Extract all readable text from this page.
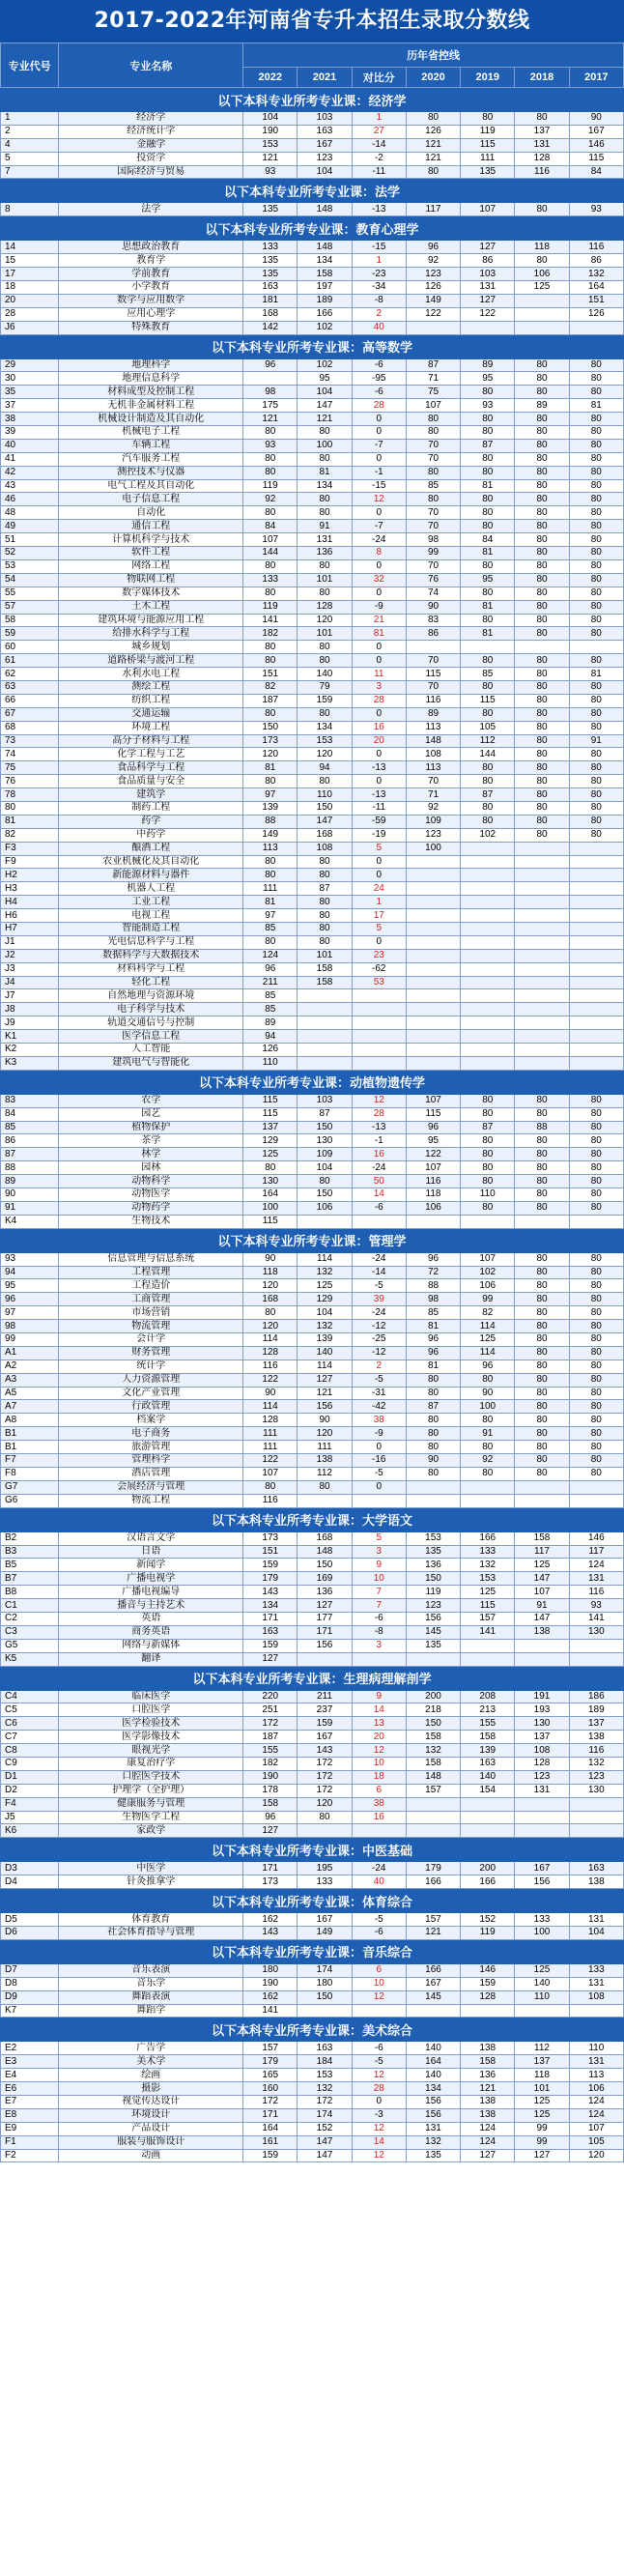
2017-2022年河南省专升本招生录取分数线
专业代号	专业名称	历年省控线						
		2022	2021	对比分	2020	2019	2018	2017
以下本科专业所考专业课：经济学								
1	经济学	104	103	1	80	80	80	90
2	经济统计学	190	163	27	126	119	137	167
4	金融学	153	167	-14	121	115	131	146
5	投资学	121	123	-2	121	111	128	115
7	国际经济与贸易	93	104	-11	80	135	116	84
以下本科专业所考专业课：法学								
8	法学	135	148	-13	117	107	80	93
以下本科专业所考专业课：教育心理学								
14	思想政治教育	133	148	-15	96	127	118	116
15	教育学	135	134	1	92	86	80	86
17	学前教育	135	158	-23	123	103	106	132
18	小学教育	163	197	-34	126	131	125	164
20	数学与应用数学	181	189	-8	149	127		151
28	应用心理学	168	166	2	122	122		126
J6	特殊教育	142	102	40				
以下本科专业所考专业课：高等数学								
29	地理科学	96	102	-6	87	89	80	80
30	地理信息科学		95	-95	71	95	80	80
35	材料成型及控制工程	98	104	-6	75	80	80	80
37	无机非金属材料工程	175	147	28	107	93	89	81
38	机械设计制造及其自动化	121	121	0	80	80	80	80
39	机械电子工程	80	80	0	80	80	80	80
40	车辆工程	93	100	-7	70	87	80	80
41	汽车服务工程	80	80	0	70	80	80	80
42	测控技术与仪器	80	81	-1	80	80	80	80
43	电气工程及其自动化	119	134	-15	85	81	80	80
46	电子信息工程	92	80	12	80	80	80	80
48	自动化	80	80	0	70	80	80	80
49	通信工程	84	91	-7	70	80	80	80
51	计算机科学与技术	107	131	-24	98	84	80	80
52	软件工程	144	136	8	99	81	80	80
53	网络工程	80	80	0	70	80	80	80
54	物联网工程	133	101	32	76	95	80	80
55	数字媒体技术	80	80	0	74	80	80	80
57	土木工程	119	128	-9	90	81	80	80
58	建筑环境与能源应用工程	141	120	21	83	80	80	80
59	给排水科学与工程	182	101	81	86	81	80	80
60	城乡规划	80	80	0				
61	道路桥梁与渡河工程	80	80	0	70	80	80	80
62	水利水电工程	151	140	11	115	85	80	81
63	测绘工程	82	79	3	70	80	80	80
66	纺织工程	187	159	28	116	115	80	80
67	交通运输	80	80	0	89	80	80	80
68	环境工程	150	134	16	113	105	80	80
73	高分子材料与工程	173	153	20	148	112	80	91
74	化学工程与工艺	120	120	0	108	144	80	80
75	食品科学与工程	81	94	-13	113	80	80	80
76	食品质量与安全	80	80	0	70	80	80	80
78	建筑学	97	110	-13	71	87	80	80
80	制药工程	139	150	-11	92	80	80	80
81	药学	88	147	-59	109	80	80	80
82	中药学	149	168	-19	123	102	80	80
F3	酿酒工程	113	108	5	100			
F9	农业机械化及其自动化	80	80	0				
H2	新能源材料与器件	80	80	0				
H3	机器人工程	111	87	24				
H4	工业工程	81	80	1				
H6	电视工程	97	80	17				
H7	智能制造工程	85	80	5				
J1	光电信息科学与工程	80	80	0				
J2	数据科学与大数据技术	124	101	23				
J3	材料科学与工程	96	158	-62				
J4	轻化工程	211	158	53				
J7	自然地理与资源环境	85						
J8	电子科学与技术	85						
J9	轨道交通信号与控制	89						
K1	医学信息工程	94						
K2	人工智能	126						
K3	建筑电气与智能化	110						
以下本科专业所考专业课：动植物遗传学								
83	农学	115	103	12	107	80	80	80
84	园艺	115	87	28	115	80	80	80
85	植物保护	137	150	-13	96	87	88	80
86	茶学	129	130	-1	95	80	80	80
87	林学	125	109	16	122	80	80	80
88	园林	80	104	-24	107	80	80	80
89	动物科学	130	80	50	116	80	80	80
90	动物医学	164	150	14	118	110	80	80
91	动物药学	100	106	-6	106	80	80	80
K4	生物技术	115						
以下本科专业所考专业课：管理学								
93	信息管理与信息系统	90	114	-24	96	107	80	80
94	工程管理	118	132	-14	72	102	80	80
95	工程造价	120	125	-5	88	106	80	80
96	工商管理	168	129	39	98	99	80	80
97	市场营销	80	104	-24	85	82	80	80
98	物流管理	120	132	-12	81	114	80	80
99	会计学	114	139	-25	96	125	80	80
A1	财务管理	128	140	-12	96	114	80	80
A2	统计学	116	114	2	81	96	80	80
A3	人力资源管理	122	127	-5	80	80	80	80
A5	文化产业管理	90	121	-31	80	90	80	80
A7	行政管理	114	156	-42	87	100	80	80
A8	档案学	128	90	38	80	80	80	80
B1	电子商务	111	120	-9	80	91	80	80
B1	旅游管理	111	111	0	80	80	80	80
F7	管理科学	122	138	-16	90	92	80	80
F8	酒店管理	107	112	-5	80	80	80	80
G7	会展经济与管理	80	80	0				
G6	物流工程	116						
以下本科专业所考专业课：大学语文								
B2	汉语言文学	173	168	5	153	166	158	146
B3	日语	151	148	3	135	133	117	117
B5	新闻学	159	150	9	136	132	125	124
B7	广播电视学	179	169	10	150	153	147	131
B8	广播电视编导	143	136	7	119	125	107	116
C1	播音与主持艺术	134	127	7	123	115	91	93
C2	英语	171	177	-6	156	157	147	141
C3	商务英语	163	171	-8	145	141	138	130
G5	网络与新媒体	159	156	3	135			
K5	翻译	127						
以下本科专业所考专业课：生理病理解剖学								
C4	临床医学	220	211	9	200	208	191	186
C5	口腔医学	251	237	14	218	213	193	189
C6	医学检验技术	172	159	13	150	155	130	137
C7	医学影像技术	187	167	20	158	158	137	138
C8	眼视光学	155	143	12	132	139	108	116
C9	康复治疗学	182	172	10	158	163	128	132
D1	口腔医学技术	190	172	18	148	140	123	123
D2	护理学（全护理）	178	172	6	157	154	131	130
F4	健康服务与管理	158	120	38				
J5	生物医学工程	96	80	16				
K6	家政学	127						
以下本科专业所考专业课：中医基础								
D3	中医学	171	195	-24	179	200	167	163
D4	针灸推拿学	173	133	40	166	166	156	138
以下本科专业所考专业课：体育综合								
D5	体育教育	162	167	-5	157	152	133	131
D6	社会体育指导与管理	143	149	-6	121	119	100	104
以下本科专业所考专业课：音乐综合								
D7	音乐表演	180	174	6	166	146	125	133
D8	音乐学	190	180	10	167	159	140	131
D9	舞蹈表演	162	150	12	145	128	110	108
K7	舞蹈学	141						
以下本科专业所考专业课：美术综合								
E2	广告学	157	163	-6	140	138	112	110
E3	美术学	179	184	-5	164	158	137	131
E4	绘画	165	153	12	140	136	118	113
E6	摄影	160	132	28	134	121	101	106
E7	视觉传达设计	172	172	0	156	138	125	124
E8	环境设计	171	174	-3	156	138	125	124
E9	产品设计	164	152	12	131	124	99	107
F1	服装与服饰设计	161	147	14	132	124	99	105
F2	动画	159	147	12	135	127	127	120
